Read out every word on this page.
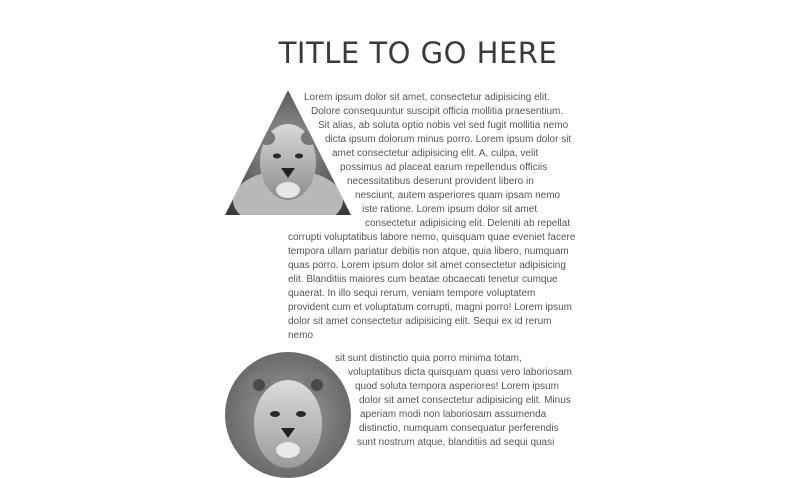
TITLE TO GO HERE
Lorem ipsum dolor sit amet, consectetur adipisicing elit.
Dolore consequuntur suscipit officia mollitia praesentium.
Sit alias, ab soluta optio nobis vel sed fugit mollitia nemo
dicta ipsum dolorum minus porro. Lorem ipsum dolor sit
amet consectetur adipisicing elit. A, culpa, velit
possimus ad placeat earum repellendus officiis
necessitatibus deserunt provident libero in
nesciunt, autem asperiores quam ipsam nemo
iste ratione. Lorem ipsum dolor sit amet
consectetur adipisicing elit. Deleniti ab repellat
corrupti voluptatibus labore nemo, quisquam quae eveniet facere
tempora ullam pariatur debitis non atque, quia libero, numquam
quas porro. Lorem ipsum dolor sit amet consectetur adipisicing
elit. Blanditiis maiores cum beatae obcaecati tenetur cumque
quaerat. In illo sequi rerum, veniam tempore voluptatem
provident cum et voluptatum corrupti, magni porro! Lorem ipsum
dolor sit amet consectetur adipisicing elit. Sequi ex id rerum
nemo
sit sunt distinctio quia porro minima totam,
voluptatibus dicta quisquam quasi vero laboriosam
quod soluta tempora asperiores! Lorem ipsum
dolor sit amet consectetur adipisicing elit. Minus
aperiam modi non laboriosam assumenda
distinctio, numquam consequatur perferendis
sunt nostrum atque, blanditiis ad sequi quasi
